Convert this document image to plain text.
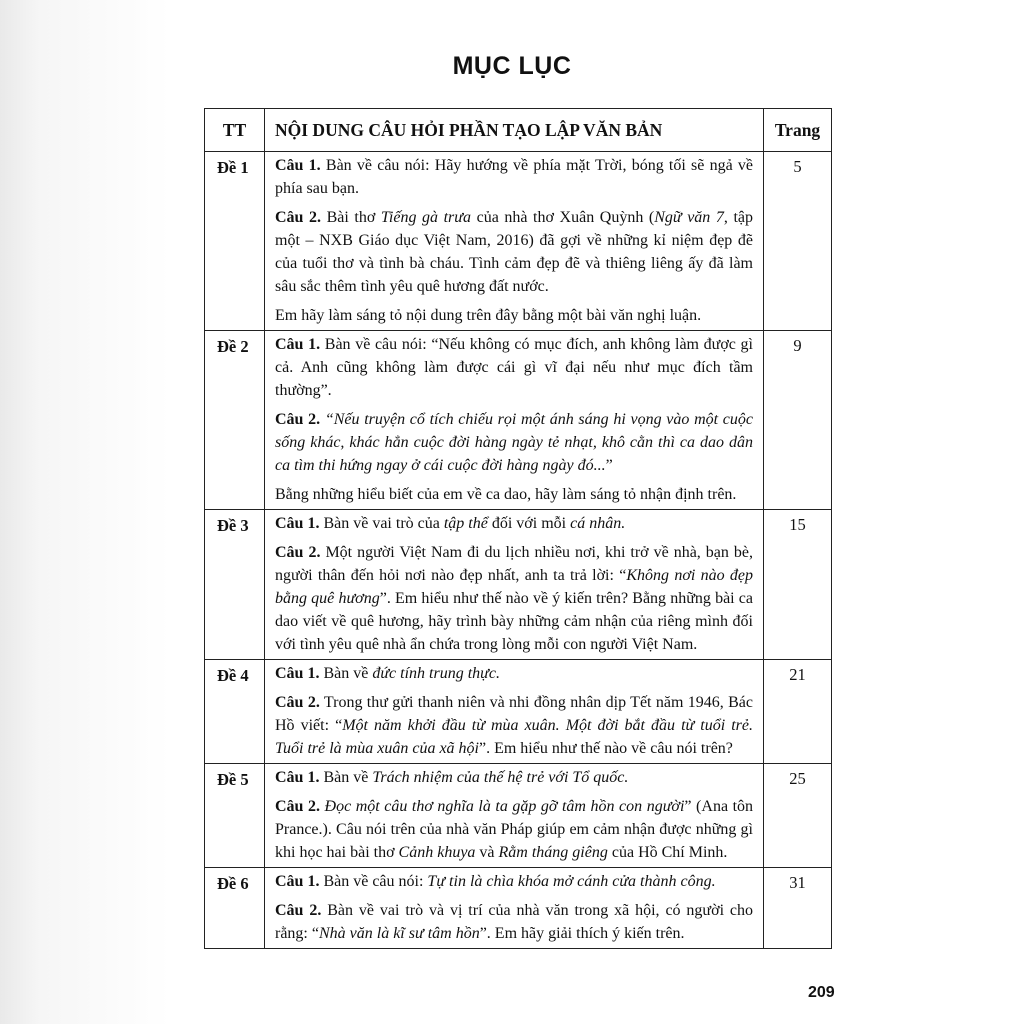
MỤC LỤC
TT	NỘI DUNG CÂU HỎI PHẦN TẠO LẬP VĂN BẢN	Trang
Đề 1	Câu 1. Bàn về câu nói: Hãy hướng về phía mặt Trời, bóng tối sẽ ngả về phía sau bạn.
Câu 2. Bài thơ Tiếng gà trưa của nhà thơ Xuân Quỳnh (Ngữ văn 7, tập một – NXB Giáo dục Việt Nam, 2016) đã gợi về những kỉ niệm đẹp đẽ của tuổi thơ và tình bà cháu. Tình cảm đẹp đẽ và thiêng liêng ấy đã làm sâu sắc thêm tình yêu quê hương đất nước.
Em hãy làm sáng tỏ nội dung trên đây bằng một bài văn nghị luận.	5
Đề 2	Câu 1. Bàn về câu nói: “Nếu không có mục đích, anh không làm được gì cả. Anh cũng không làm được cái gì vĩ đại nếu như mục đích tầm thường”.
Câu 2. “Nếu truyện cổ tích chiếu rọi một ánh sáng hi vọng vào một cuộc sống khác, khác hẳn cuộc đời hàng ngày tẻ nhạt, khô cằn thì ca dao dân ca tìm thi hứng ngay ở cái cuộc đời hàng ngày đó...”
Bằng những hiểu biết của em về ca dao, hãy làm sáng tỏ nhận định trên.	9
Đề 3	Câu 1. Bàn về vai trò của tập thể đối với mỗi cá nhân.
Câu 2. Một người Việt Nam đi du lịch nhiều nơi, khi trở về nhà, bạn bè, người thân đến hỏi nơi nào đẹp nhất, anh ta trả lời: “Không nơi nào đẹp bằng quê hương”. Em hiểu như thế nào về ý kiến trên? Bằng những bài ca dao viết về quê hương, hãy trình bày những cảm nhận của riêng mình đối với tình yêu quê nhà ẩn chứa trong lòng mỗi con người Việt Nam.	15
Đề 4	Câu 1. Bàn về đức tính trung thực.
Câu 2. Trong thư gửi thanh niên và nhi đồng nhân dịp Tết năm 1946, Bác Hồ viết: “Một năm khởi đầu từ mùa xuân. Một đời bắt đầu từ tuổi trẻ. Tuổi trẻ là mùa xuân của xã hội”. Em hiểu như thế nào về câu nói trên?	21
Đề 5	Câu 1. Bàn về Trách nhiệm của thế hệ trẻ với Tổ quốc.
Câu 2. Đọc một câu thơ nghĩa là ta gặp gỡ tâm hồn con người” (Ana tôn Prance.). Câu nói trên của nhà văn Pháp giúp em cảm nhận được những gì khi học hai bài thơ Cảnh khuya và Rằm tháng giêng của Hồ Chí Minh.	25
Đề 6	Câu 1. Bàn về câu nói: Tự tin là chìa khóa mở cánh cửa thành công.
Câu 2. Bàn về vai trò và vị trí của nhà văn trong xã hội, có người cho rằng: “Nhà văn là kĩ sư tâm hồn”. Em hãy giải thích ý kiến trên.	31
209
